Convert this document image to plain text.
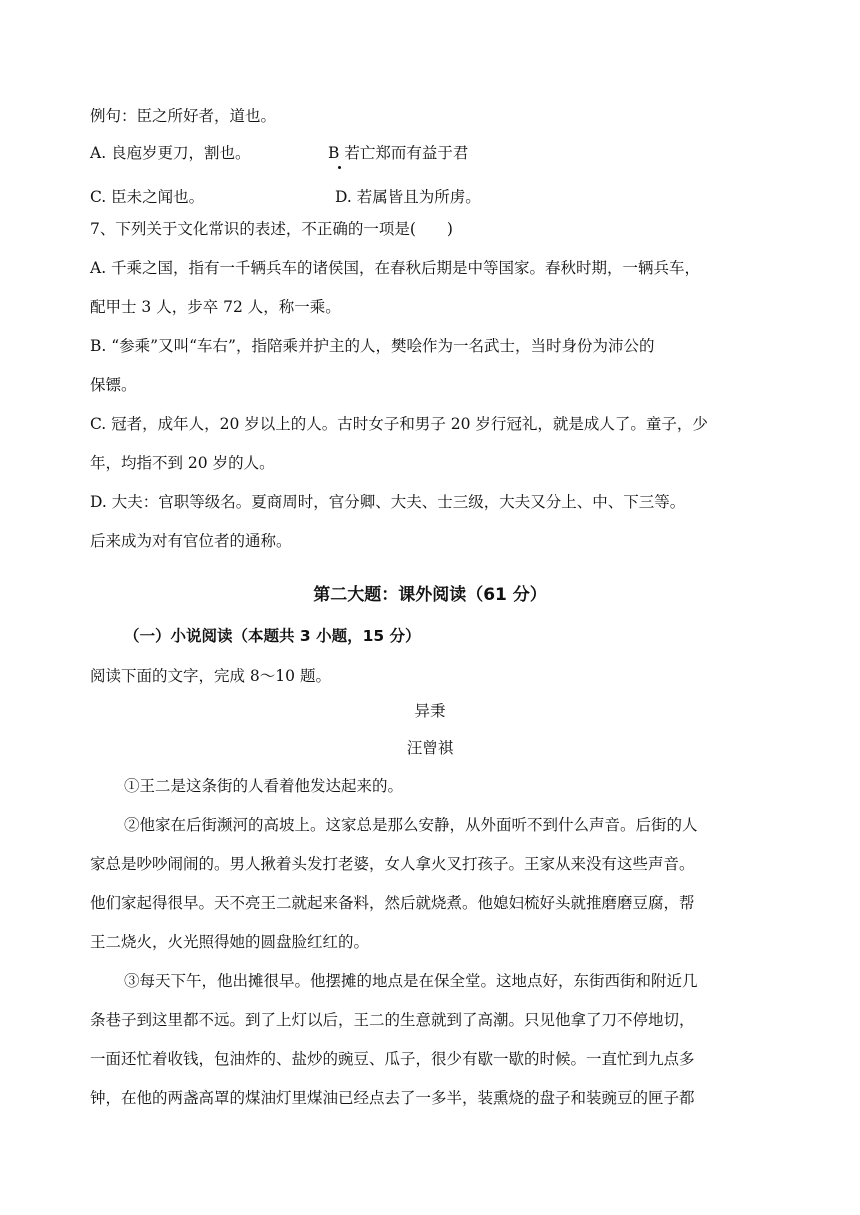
例句：臣之所好者，道也。
A. 良庖岁更刀，割也。	B 若亡郑而有益于君
C. 臣未之闻也。	D. 若属皆且为所虏。
7、下列关于文化常识的表述，不正确的一项是(　　)
A. 千乘之国，指有一千辆兵车的诸侯国，在春秋后期是中等国家。春秋时期，一辆兵车，
配甲士 3 人，步卒 72 人，称一乘。
B. “参乘”又叫“车右”，指陪乘并护主的人，樊哙作为一名武士，当时身份为沛公的
保镖。
C. 冠者，成年人，20 岁以上的人。古时女子和男子 20 岁行冠礼，就是成人了。童子，少
年，均指不到 20 岁的人。
D. 大夫：官职等级名。夏商周时，官分卿、大夫、士三级，大夫又分上、中、下三等。
后来成为对有官位者的通称。
第二大题：课外阅读（61 分）
（一）小说阅读（本题共 3 小题，15 分）
阅读下面的文字，完成 8～10 题。
异秉
汪曾祺
①王二是这条街的人看着他发达起来的。
②他家在后街濒河的高坡上。这家总是那么安静，从外面听不到什么声音。后街的人
家总是吵吵闹闹的。男人揪着头发打老婆，女人拿火叉打孩子。王家从来没有这些声音。
他们家起得很早。天不亮王二就起来备料，然后就烧煮。他媳妇梳好头就推磨磨豆腐，帮
王二烧火，火光照得她的圆盘脸红红的。
③每天下午，他出摊很早。他摆摊的地点是在保全堂。这地点好，东街西街和附近几
条巷子到这里都不远。到了上灯以后，王二的生意就到了高潮。只见他拿了刀不停地切，
一面还忙着收钱，包油炸的、盐炒的豌豆、瓜子，很少有歇一歇的时候。一直忙到九点多
钟，在他的两盏高罩的煤油灯里煤油已经点去了一多半，装熏烧的盘子和装豌豆的匣子都
